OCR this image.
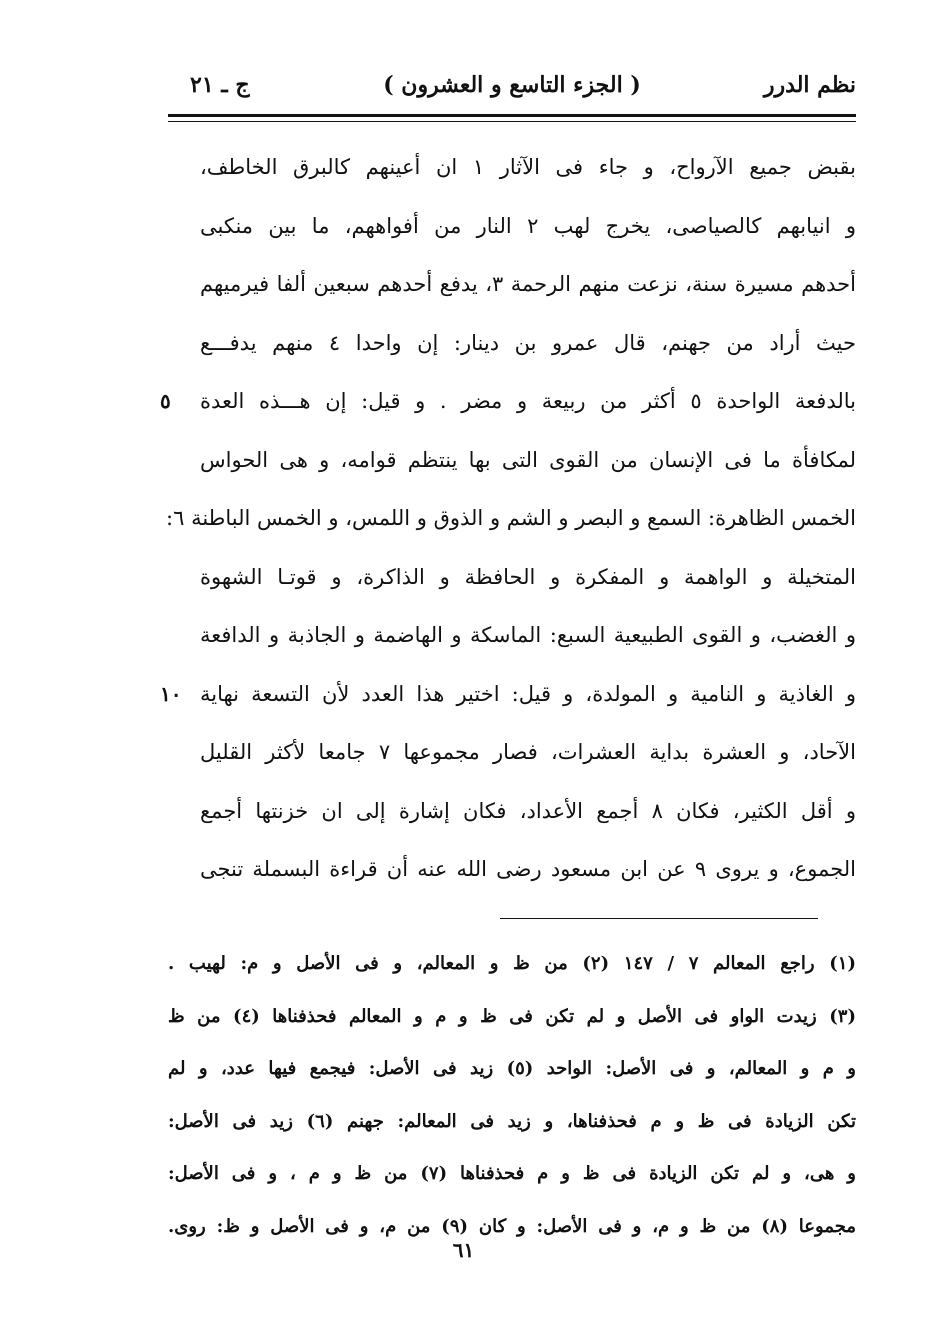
نظم الدرر
( الجزء التاسع و العشرون )
ج ـ ٢١
بقبض جميع الآرواح، و جاء فى الآثار ١ ان أعينهم كالبرق الخاطف،
و انيابهم كالصياصى، يخرج لهب ٢ النار من أفواههم، ما بين منكبى
أحدهم مسيرة سنة، نزعت منهم الرحمة ٣، يدفع أحدهم سبعين ألفا فيرميهم
حيث أراد من جهنم، قال عمرو بن دينار: إن واحدا ٤ منهم يدفـــع
بالدفعة الواحدة ٥ أكثر من ربيعة و مضر . و قيل: إن هـــذه العدة
لمكافأة ما فى الإنسان من القوى التى بها ينتظم قوامه، و هى الحواس
الخمس الظاهرة: السمع و البصر و الشم و الذوق و اللمس، و الخمس الباطنة ٦:
المتخيلة و الواهمة و المفكرة و الحافظة و الذاكرة، و قوتـا الشهوة
و الغضب، و القوى الطبيعية السبع: الماسكة و الهاضمة و الجاذبة و الدافعة
و الغاذية و النامية و المولدة، و قيل: اختير هذا العدد لأن التسعة نهاية
الآحاد، و العشرة بداية العشرات، فصار مجموعها ٧ جامعا لأكثر القليل
و أقل الكثير، فكان ٨ أجمع الأعداد، فكان إشارة إلى ان خزنتها أجمع
الجموع، و يروى ٩ عن ابن مسعود رضى الله عنه أن قراءة البسملة تنجى
٥
١٠
(١) راجع المعالم ٧ / ١٤٧ (٢) من ظ و المعالم، و فى الأصل و م: لهيب .
(٣) زيدت الواو فى الأصل و لم تكن فى ظ و م و المعالم فحذفناها (٤) من ظ
و م و المعالم، و فى الأصل: الواحد (٥) زيد فى الأصل: فيجمع فيها عدد، و لم
تكن الزيادة فى ظ و م فحذفناها، و زيد فى المعالم: جهنم (٦) زيد فى الأصل:
و هى، و لم تكن الزيادة فى ظ و م فحذفناها (٧) من ظ و م ، و فى الأصل:
مجموعا (٨) من ظ و م، و فى الأصل: و كان (٩) من م، و فى الأصل و ظ: روى.
٦١
